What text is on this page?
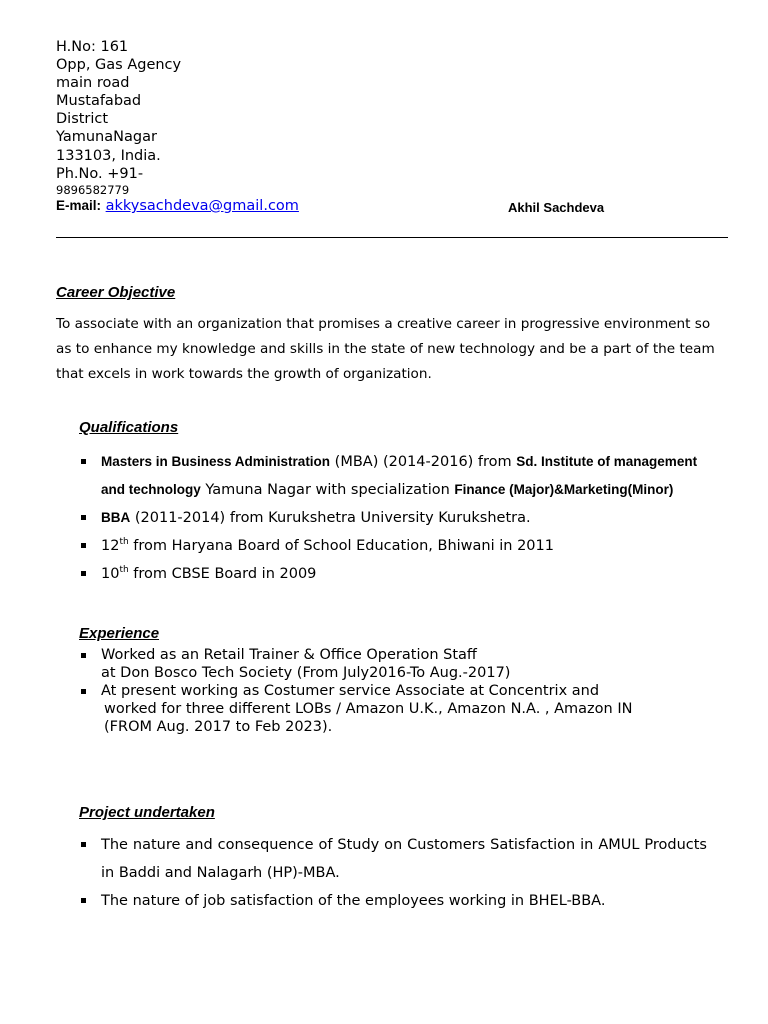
H.No: 161
Opp, Gas Agency
main road
Mustafabad
District
YamunaNagar
133103, India.
Ph.No. +91-
9896582779
E-mail: akkysachdeva@gmail.com	Akhil Sachdeva
Career Objective
To associate with an organization that promises a creative career in progressive environment so as to enhance my knowledge and skills in the state of new technology and be a part of the team that excels in work towards the growth of organization.
Qualifications
Masters in Business Administration (MBA) (2014-2016) from Sd. Institute of management and technology Yamuna Nagar with specialization Finance (Major)&Marketing(Minor)
BBA (2011-2014) from Kurukshetra University Kurukshetra.
12th from Haryana Board of School Education, Bhiwani in 2011
10th from CBSE Board in 2009
Experience
Worked as an Retail Trainer & Office Operation Staff
at Don Bosco Tech Society (From July2016-To Aug.-2017)
At present working as Costumer service Associate at Concentrix and
worked for three different LOBs / Amazon U.K., Amazon N.A. , Amazon IN
(FROM Aug. 2017 to Feb 2023).
Project undertaken
The nature and consequence of Study on Customers Satisfaction in AMUL Products in Baddi and Nalagarh (HP)-MBA.
The nature of job satisfaction of the employees working in BHEL-BBA.
